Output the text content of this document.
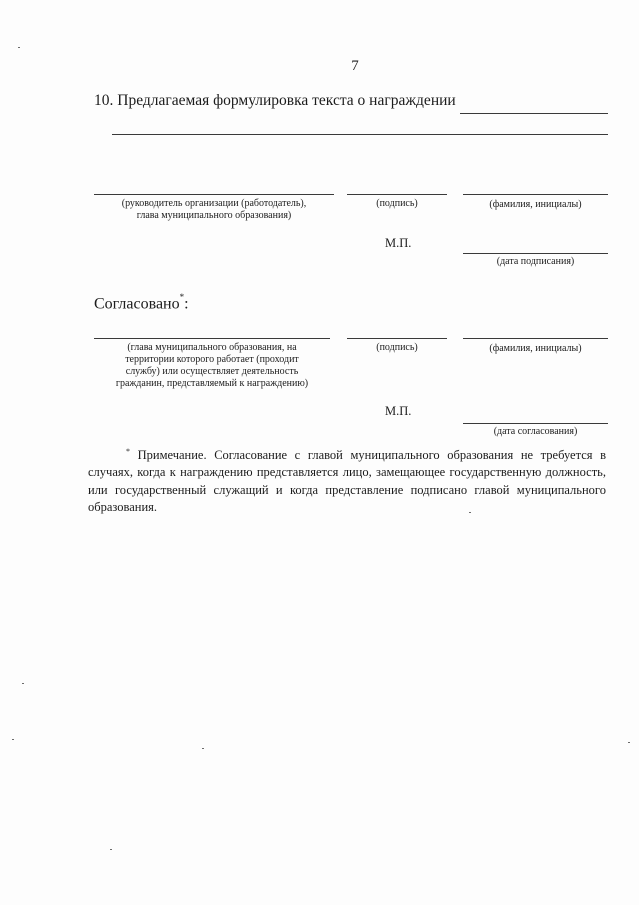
7
10. Предлагаемая формулировка текста о награждении
(руководитель организации (работодатель),
глава муниципального образования)
(подпись)	(фамилия, инициалы)
М.П.
(дата подписания)
Согласовано*:
(глава муниципального образования, на
территории которого работает (проходит
службу) или осуществляет деятельность
гражданин, представляемый к награждению)
(подпись)	(фамилия, инициалы)
М.П.
(дата согласования)
* Примечание. Согласование с главой муниципального образования не требуется в случаях, когда к награждению представляется лицо, замещающее государственную должность, или государственный служащий и когда представление подписано главой муниципального образования.
